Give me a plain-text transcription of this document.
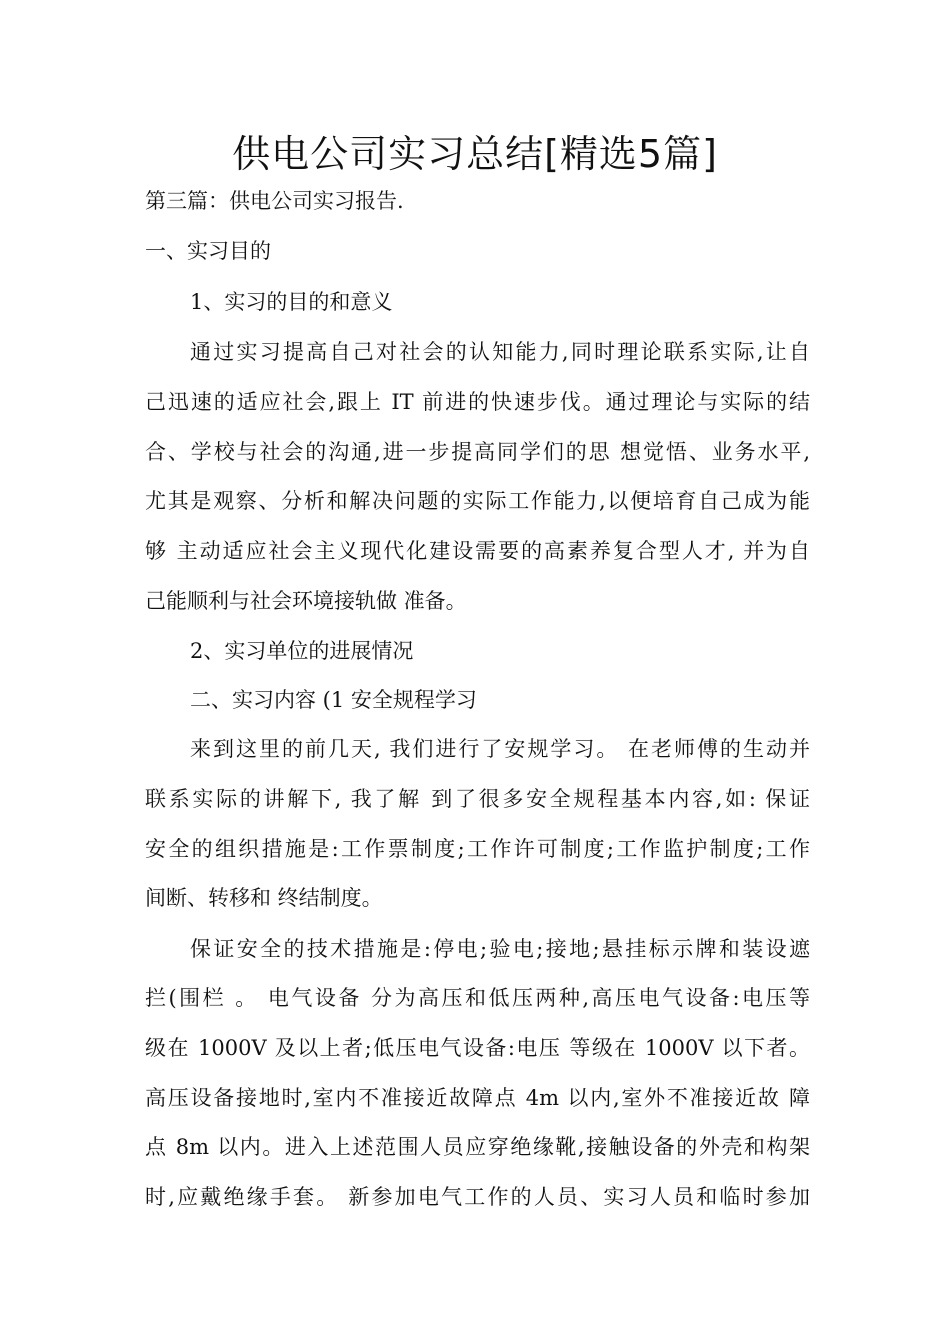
供电公司实习总结[精选5篇]
第三篇：供电公司实习报告.
一、实习目的
1、实习的目的和意义
通过实习提高自己对社会的认知能力,同时理论联系实际,让自
己迅速的适应社会,跟上 IT 前进的快速步伐。通过理论与实际的结
合、学校与社会的沟通,进一步提高同学们的思 想觉悟、业务水平,
尤其是观察、分析和解决问题的实际工作能力,以便培育自己成为能
够 主动适应社会主义现代化建设需要的高素养复合型人才, 并为自
己能顺利与社会环境接轨做 准备。
2、实习单位的进展情况
二、实习内容 (1 安全规程学习
来到这里的前几天, 我们进行了安规学习。 在老师傅的生动并
联系实际的讲解下, 我了解 到了很多安全规程基本内容,如: 保证
安全的组织措施是:工作票制度;工作许可制度;工作监护制度;工作
间断、转移和 终结制度。
保证安全的技术措施是:停电;验电;接地;悬挂标示牌和装设遮
拦(围栏 。 电气设备 分为高压和低压两种,高压电气设备:电压等
级在 1000V 及以上者;低压电气设备:电压 等级在 1000V 以下者。
高压设备接地时,室内不准接近故障点 4m 以内,室外不准接近故 障
点 8m 以内。进入上述范围人员应穿绝缘靴,接触设备的外壳和构架
时,应戴绝缘手套。 新参加电气工作的人员、实习人员和临时参加
